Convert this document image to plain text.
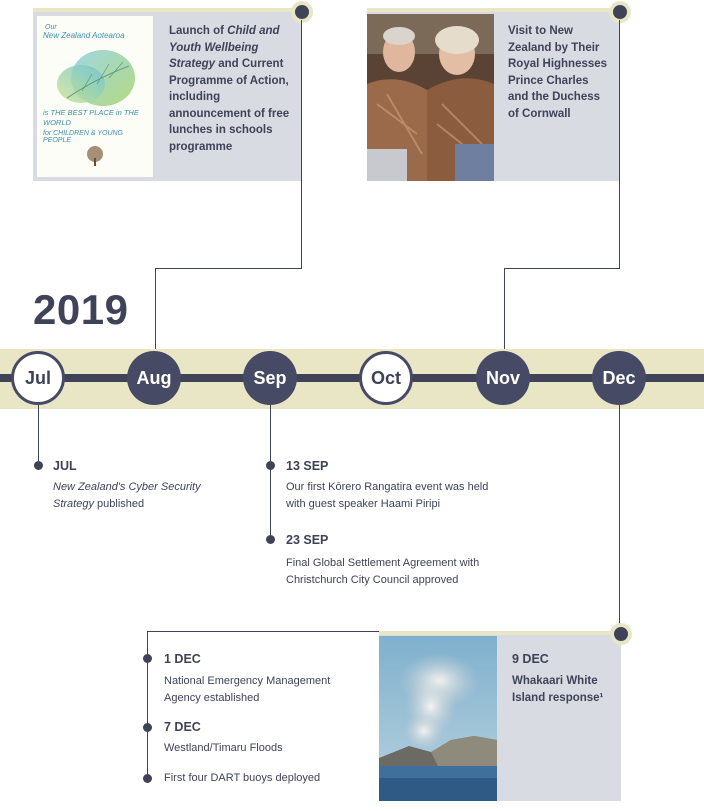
Our
New Zealand Aotearoa
is THE BEST PLACE in THE WORLD
for CHILDREN & YOUNG PEOPLE
Launch of Child and Youth Wellbeing Strategy and Current Programme of Action, including announcement of free lunches in schools programme
Visit to New Zealand by Their Royal Highnesses Prince Charles and the Duchess of Cornwall
2019
Jul	Aug	Sep	Oct	Nov	Dec
JUL
New Zealand's Cyber Security Strategy published
13 SEP
Our first Kōrero Rangatira event was held with guest speaker Haami Piripi
23 SEP
Final Global Settlement Agreement with Christchurch City Council approved
9 DEC
Whakaari White Island response¹
1 DEC
National Emergency Management Agency established
7 DEC
Westland/Timaru Floods
First four DART buoys deployed
